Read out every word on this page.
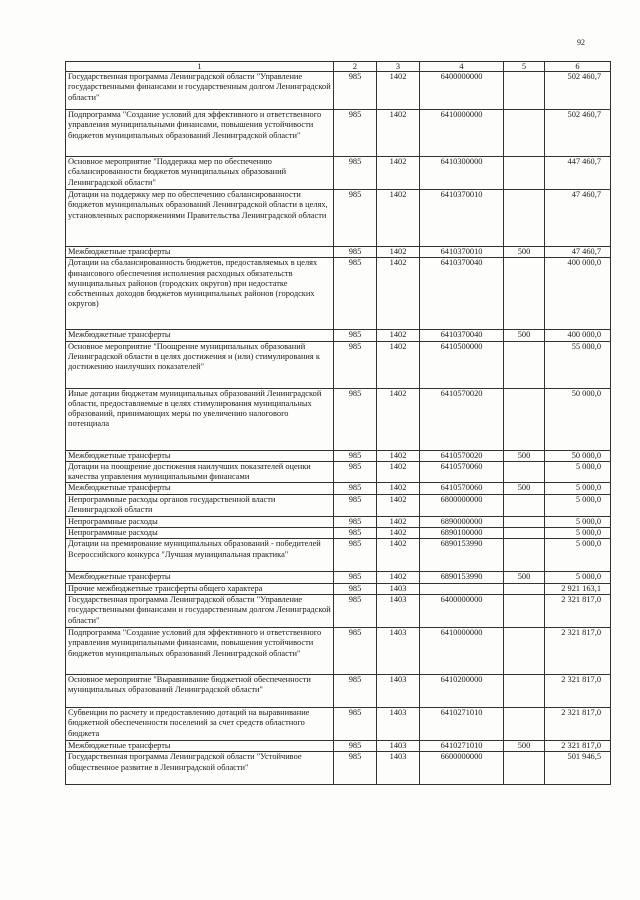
92
1	2	3	4	5	6
Государственная программа Ленинградской области "Управление государственными финансами и государственным долгом Ленинградской области"	985	1402	6400000000		502 460,7
Подпрограмма "Создание условий для эффективного и ответственного управления муниципальными финансами, повышения устойчивости бюджетов муниципальных образований Ленинградской области"	985	1402	6410000000		502 460,7
Основное мероприятие "Поддержка мер по обеспечению сбалансированности бюджетов муниципальных образований Ленинградской области"	985	1402	6410300000		447 460,7
Дотации на поддержку мер по обеспечению сбалансированности бюджетов муниципальных образований Ленинградской области в целях, установленных распоряжениями Правительства Ленинградской области	985	1402	6410370010		47 460,7
Межбюджетные трансферты	985	1402	6410370010	500	47 460,7
Дотации на сбалансированность бюджетов, предоставляемых в целях финансового обеспечения исполнения расходных обязательств муниципальных районов (городских округов) при недостатке собственных доходов бюджетов муниципальных районов (городских округов)	985	1402	6410370040		400 000,0
Межбюджетные трансферты	985	1402	6410370040	500	400 000,0
Основное мероприятие "Поощрение муниципальных образований Ленинградской области в целях достижения и (или) стимулирования к достижению наилучших показателей"	985	1402	6410500000		55 000,0
Иные дотации бюджетам муниципальных образований Ленинградской области, предоставляемые в целях стимулирования муниципальных образований, принимающих меры по увеличению налогового потенциала	985	1402	6410570020		50 000,0
Межбюджетные трансферты	985	1402	6410570020	500	50 000,0
Дотации на поощрение достижения наилучших показателей оценки качества управления муниципальными финансами	985	1402	6410570060		5 000,0
Межбюджетные трансферты	985	1402	6410570060	500	5 000,0
Непрограммные расходы органов государственной власти Ленинградской области	985	1402	6800000000		5 000,0
Непрограммные расходы	985	1402	6890000000		5 000,0
Непрограммные расходы	985	1402	6890100000		5 000,0
Дотации на премирование муниципальных образований - победителей Всероссийского конкурса "Лучшая муниципальная практика"	985	1402	6890153990		5 000,0
Межбюджетные трансферты	985	1402	6890153990	500	5 000,0
Прочие межбюджетные трансферты общего характера	985	1403			2 921 163,1
Государственная программа Ленинградской области "Управление государственными финансами и государственным долгом Ленинградской области"	985	1403	6400000000		2 321 817,0
Подпрограмма "Создание условий для эффективного и ответственного управления муниципальными финансами, повышения устойчивости бюджетов муниципальных образований Ленинградской области"	985	1403	6410000000		2 321 817,0
Основное мероприятие "Выравнивание бюджетной обеспеченности муниципальных образований Ленинградской области"	985	1403	6410200000		2 321 817,0
Субвенции по расчету и предоставлению дотаций на выравнивание бюджетной обеспеченности поселений за счет средств областного бюджета	985	1403	6410271010		2 321 817,0
Межбюджетные трансферты	985	1403	6410271010	500	2 321 817,0
Государственная программа Ленинградской области "Устойчивое общественное развитие в Ленинградской области"	985	1403	6600000000		501 946,5
